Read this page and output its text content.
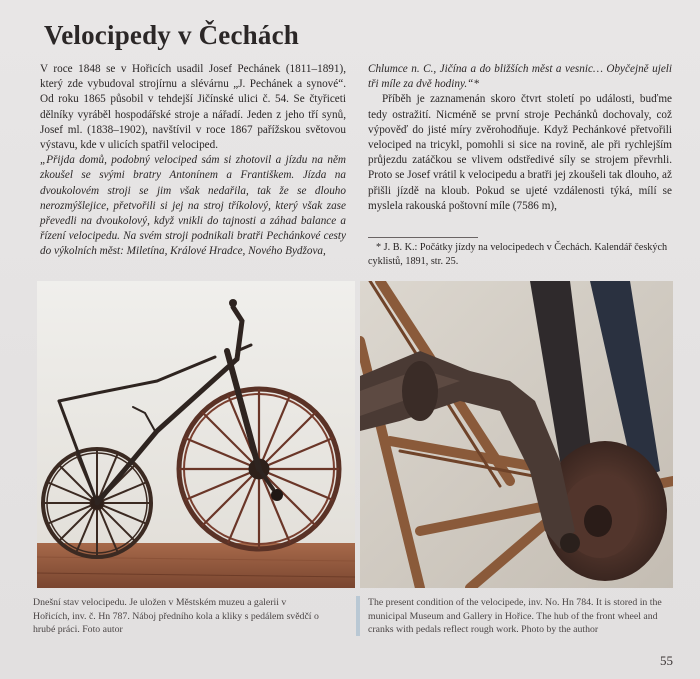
Velocipedy v Čechách

V roce 1848 se v Hořicích usadil Josef Pechánek (1811–1891), který zde vybudoval strojírnu a slévárnu „J. Pechánek a synové“. Od roku 1865 působil v tehdejší Jičínské ulici č. 54. Se čtyřiceti dělníky vyráběl hospodářské stroje a nářadí. Jeden z jeho tří synů, Josef ml. (1838–1902), navštívil v roce 1867 pařížskou světovou výstavu, kde v ulicích spatřil velociped.

„Přijda domů, podobný velociped sám si zhotovil a jízdu na něm zkoušel se svými bratry Antonínem a Františkem. Jízda na dvoukolovém stroji se jim však nedařila, tak že se dlouho nerozmýšlejice, přetvořili si jej na stroj tříkolový, který však zase převedli na dvoukolový, když vnikli do tajnosti a záhad balance a řízení velocipedu. Na svém stroji podnikali bratři Pechánkové cesty do výkolních měst: Miletína, Králové Hradce, Nového Bydžova,

Chlumce n. C., Jičína a do bližších měst a vesnic… Obyčejně ujeli tři míle za dvě hodiny.“*

Příběh je zaznamenán skoro čtvrt století po události, buďme tedy ostražití. Nicméně se první stroje Pechánků dochovaly, což výpověď do jisté míry zvěrohodňuje. Když Pechánkové přetvořili velociped na tricykl, pomohli si sice na rovině, ale při rychlejším průjezdu zatáčkou se vlivem odstředivé síly se strojem převrhli. Proto se Josef vrátil k velocipedu a bratři jej zkoušeli tak dlouho, až přišli jízdě na kloub. Pokud se ujeté vzdálenosti týká, mílí se myslela rakouská poštovní míle (7586 m),

* J. B. K.: Počátky jízdy na velocipedech v Čechách. Kalendář českých cyklistů, 1891, str. 25.
Dnešní stav velocipedu. Je uložen v Městském muzeu a galerii v Hořicích, inv. č. Hn 787. Náboj předního kola a kliky s pedálem svědčí o hrubé práci. Foto autor
The present condition of the velocipede, inv. No. Hn 784. It is stored in the municipal Museum and Gallery in Hořice. The hub of the front wheel and cranks with pedals reflect rough work. Photo by the author
55
